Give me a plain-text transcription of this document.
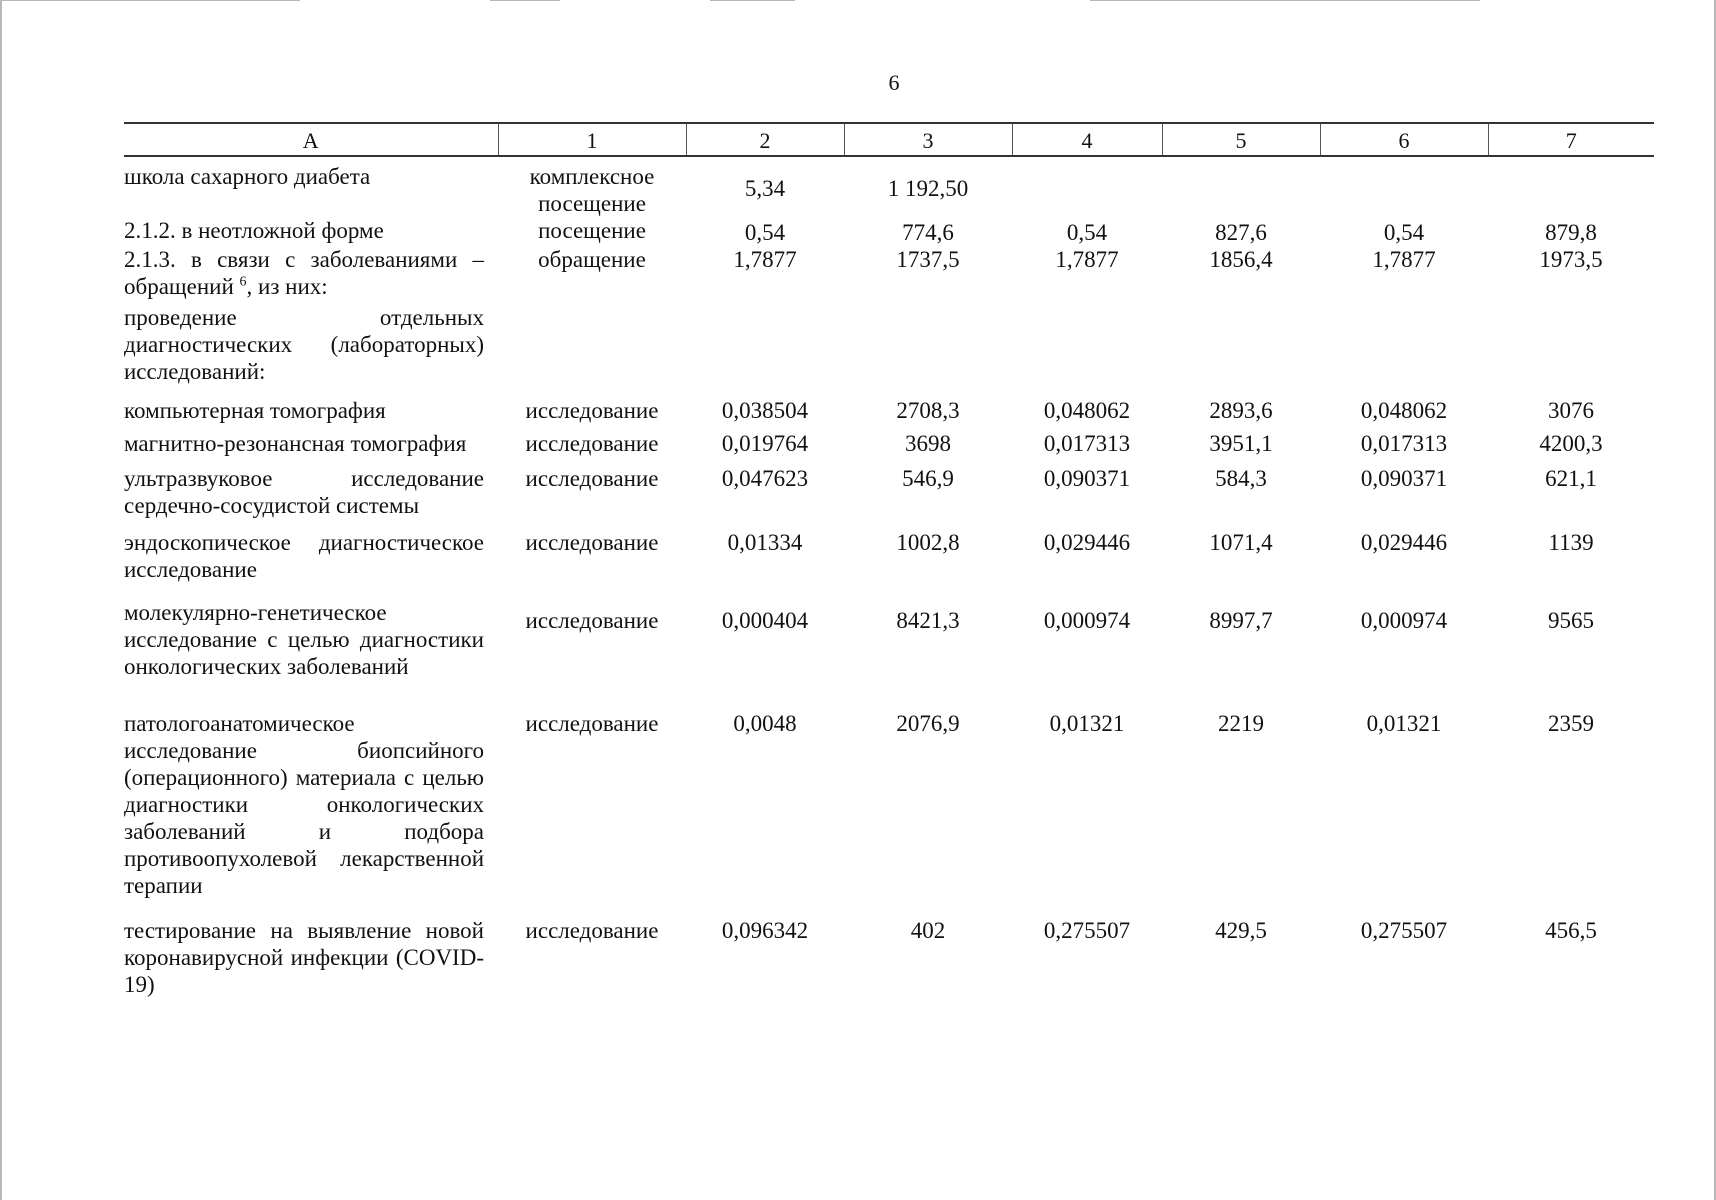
6
А	1	2	3	4	5	6	7
школа сахарного диабета	комплексное посещение	5,34	1 192,50				
2.1.2. в неотложной форме	посещение	0,54	774,6	0,54	827,6	0,54	879,8
2.1.3. в связи с заболеваниями – обращений $^6$, из них:	обращение	1,7877	1737,5	1,7877	1856,4	1,7877	1973,5
проведение отдельных диагностических (лабораторных) исследований:							
компьютерная томография	исследование	0,038504	2708,3	0,048062	2893,6	0,048062	3076
магнитно-резонансная томография	исследование	0,019764	3698	0,017313	3951,1	0,017313	4200,3
ультразвуковое исследование сердечно-сосудистой системы	исследование	0,047623	546,9	0,090371	584,3	0,090371	621,1
эндоскопическое диагностическое исследование	исследование	0,01334	1002,8	0,029446	1071,4	0,029446	1139
молекулярно-генетическое исследование с целью диагностики онкологических заболеваний	исследование	0,000404	8421,3	0,000974	8997,7	0,000974	9565
патологоанатомическое исследование биопсийного (операционного) материала с целью диагностики онкологических заболеваний и подбора противоопухолевой лекарственной терапии	исследование	0,0048	2076,9	0,01321	2219	0,01321	2359
тестирование на выявление новой коронавирусной инфекции (COVID-19)	исследование	0,096342	402	0,275507	429,5	0,275507	456,5
